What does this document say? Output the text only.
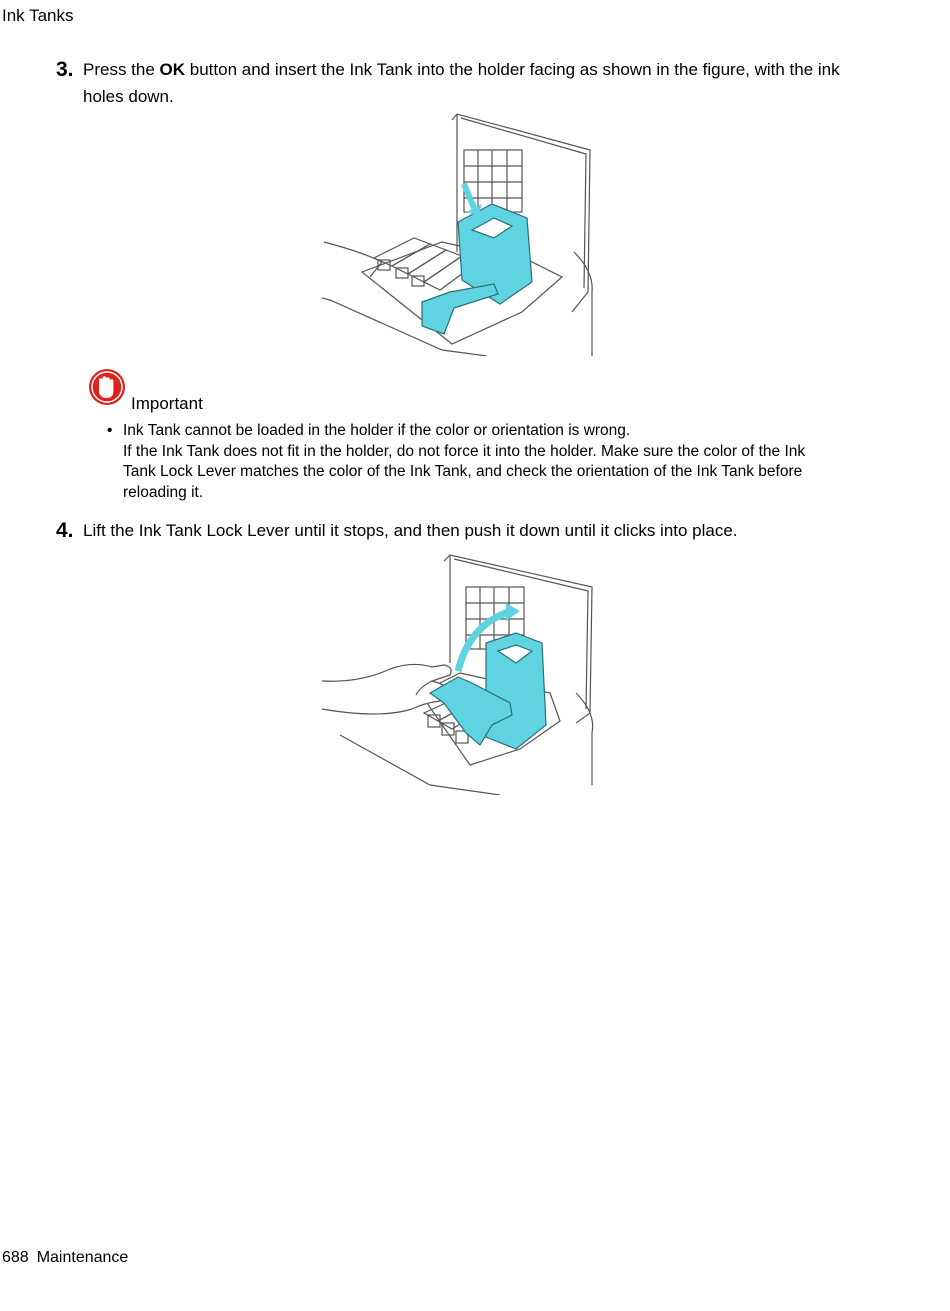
Ink Tanks
3. Press the OK button and insert the Ink Tank into the holder facing as shown in the figure, with the ink holes down.
Important
• Ink Tank cannot be loaded in the holder if the color or orientation is wrong.
If the Ink Tank does not fit in the holder, do not force it into the holder. Make sure the color of the Ink Tank Lock Lever matches the color of the Ink Tank, and check the orientation of the Ink Tank before reloading it.
4. Lift the Ink Tank Lock Lever until it stops, and then push it down until it clicks into place.
688 Maintenance
